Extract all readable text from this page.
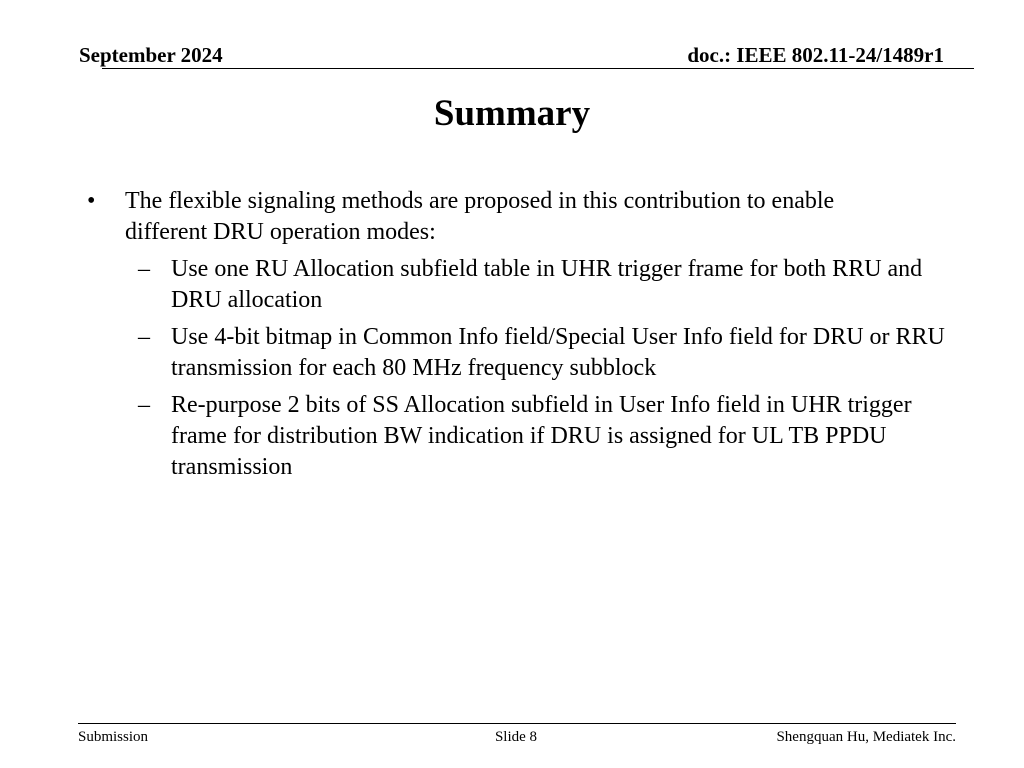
September 2024	doc.: IEEE 802.11-24/1489r1
Summary
• The flexible signaling methods are proposed in this contribution to enable different DRU operation modes:
– Use one RU Allocation subfield table in UHR trigger frame for both RRU and DRU allocation
– Use 4-bit bitmap in Common Info field/Special User Info field for DRU or RRU transmission for each 80 MHz frequency subblock
– Re-purpose 2 bits of SS Allocation subfield in User Info field in UHR trigger frame for distribution BW indication if DRU is assigned for UL TB PPDU transmission
Submission	Slide 8	Shengquan Hu, Mediatek Inc.
